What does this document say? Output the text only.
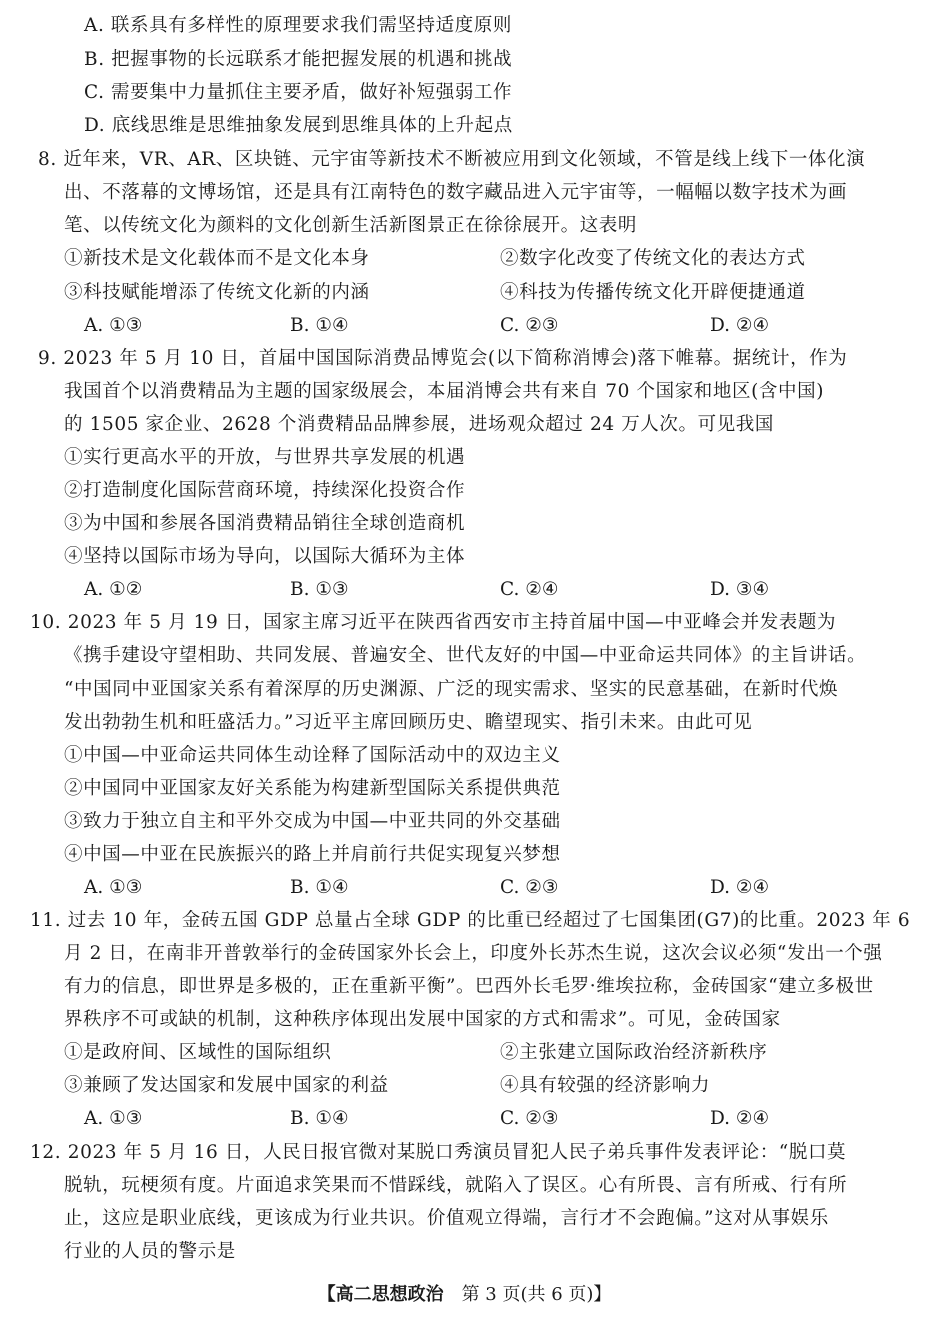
A. 联系具有多样性的原理要求我们需坚持适度原则
B. 把握事物的长远联系才能把握发展的机遇和挑战
C. 需要集中力量抓住主要矛盾，做好补短强弱工作
D. 底线思维是思维抽象发展到思维具体的上升起点
8. 近年来，VR、AR、区块链、元宇宙等新技术不断被应用到文化领域，不管是线上线下一体化演
出、不落幕的文博场馆，还是具有江南特色的数字藏品进入元宇宙等，一幅幅以数字技术为画
笔、以传统文化为颜料的文化创新生活新图景正在徐徐展开。这表明
①新技术是文化载体而不是文化本身	②数字化改变了传统文化的表达方式
③科技赋能增添了传统文化新的内涵	④科技为传播传统文化开辟便捷通道
A. ①③	B. ①④	C. ②③	D. ②④
9. 2023 年 5 月 10 日，首届中国国际消费品博览会(以下简称消博会)落下帷幕。据统计，作为
我国首个以消费精品为主题的国家级展会，本届消博会共有来自 70 个国家和地区(含中国)
的 1505 家企业、2628 个消费精品品牌参展，进场观众超过 24 万人次。可见我国
①实行更高水平的开放，与世界共享发展的机遇
②打造制度化国际营商环境，持续深化投资合作
③为中国和参展各国消费精品销往全球创造商机
④坚持以国际市场为导向，以国际大循环为主体
A. ①②	B. ①③	C. ②④	D. ③④
10. 2023 年 5 月 19 日，国家主席习近平在陕西省西安市主持首届中国—中亚峰会并发表题为
《携手建设守望相助、共同发展、普遍安全、世代友好的中国—中亚命运共同体》的主旨讲话。
“中国同中亚国家关系有着深厚的历史渊源、广泛的现实需求、坚实的民意基础，在新时代焕
发出勃勃生机和旺盛活力。”习近平主席回顾历史、瞻望现实、指引未来。由此可见
①中国—中亚命运共同体生动诠释了国际活动中的双边主义
②中国同中亚国家友好关系能为构建新型国际关系提供典范
③致力于独立自主和平外交成为中国—中亚共同的外交基础
④中国—中亚在民族振兴的路上并肩前行共促实现复兴梦想
A. ①③	B. ①④	C. ②③	D. ②④
11. 过去 10 年，金砖五国 GDP 总量占全球 GDP 的比重已经超过了七国集团(G7)的比重。2023 年 6
月 2 日，在南非开普敦举行的金砖国家外长会上，印度外长苏杰生说，这次会议必须“发出一个强
有力的信息，即世界是多极的，正在重新平衡”。巴西外长毛罗·维埃拉称，金砖国家“建立多极世
界秩序不可或缺的机制，这种秩序体现出发展中国家的方式和需求”。可见，金砖国家
①是政府间、区域性的国际组织	②主张建立国际政治经济新秩序
③兼顾了发达国家和发展中国家的利益	④具有较强的经济影响力
A. ①③	B. ①④	C. ②③	D. ②④
12. 2023 年 5 月 16 日，人民日报官微对某脱口秀演员冒犯人民子弟兵事件发表评论：“脱口莫
脱轨，玩梗须有度。片面追求笑果而不惜踩线，就陷入了误区。心有所畏、言有所戒、行有所
止，这应是职业底线，更该成为行业共识。价值观立得端，言行才不会跑偏。”这对从事娱乐
行业的人员的警示是
【高二思想政治 第 3 页(共 6 页)】
